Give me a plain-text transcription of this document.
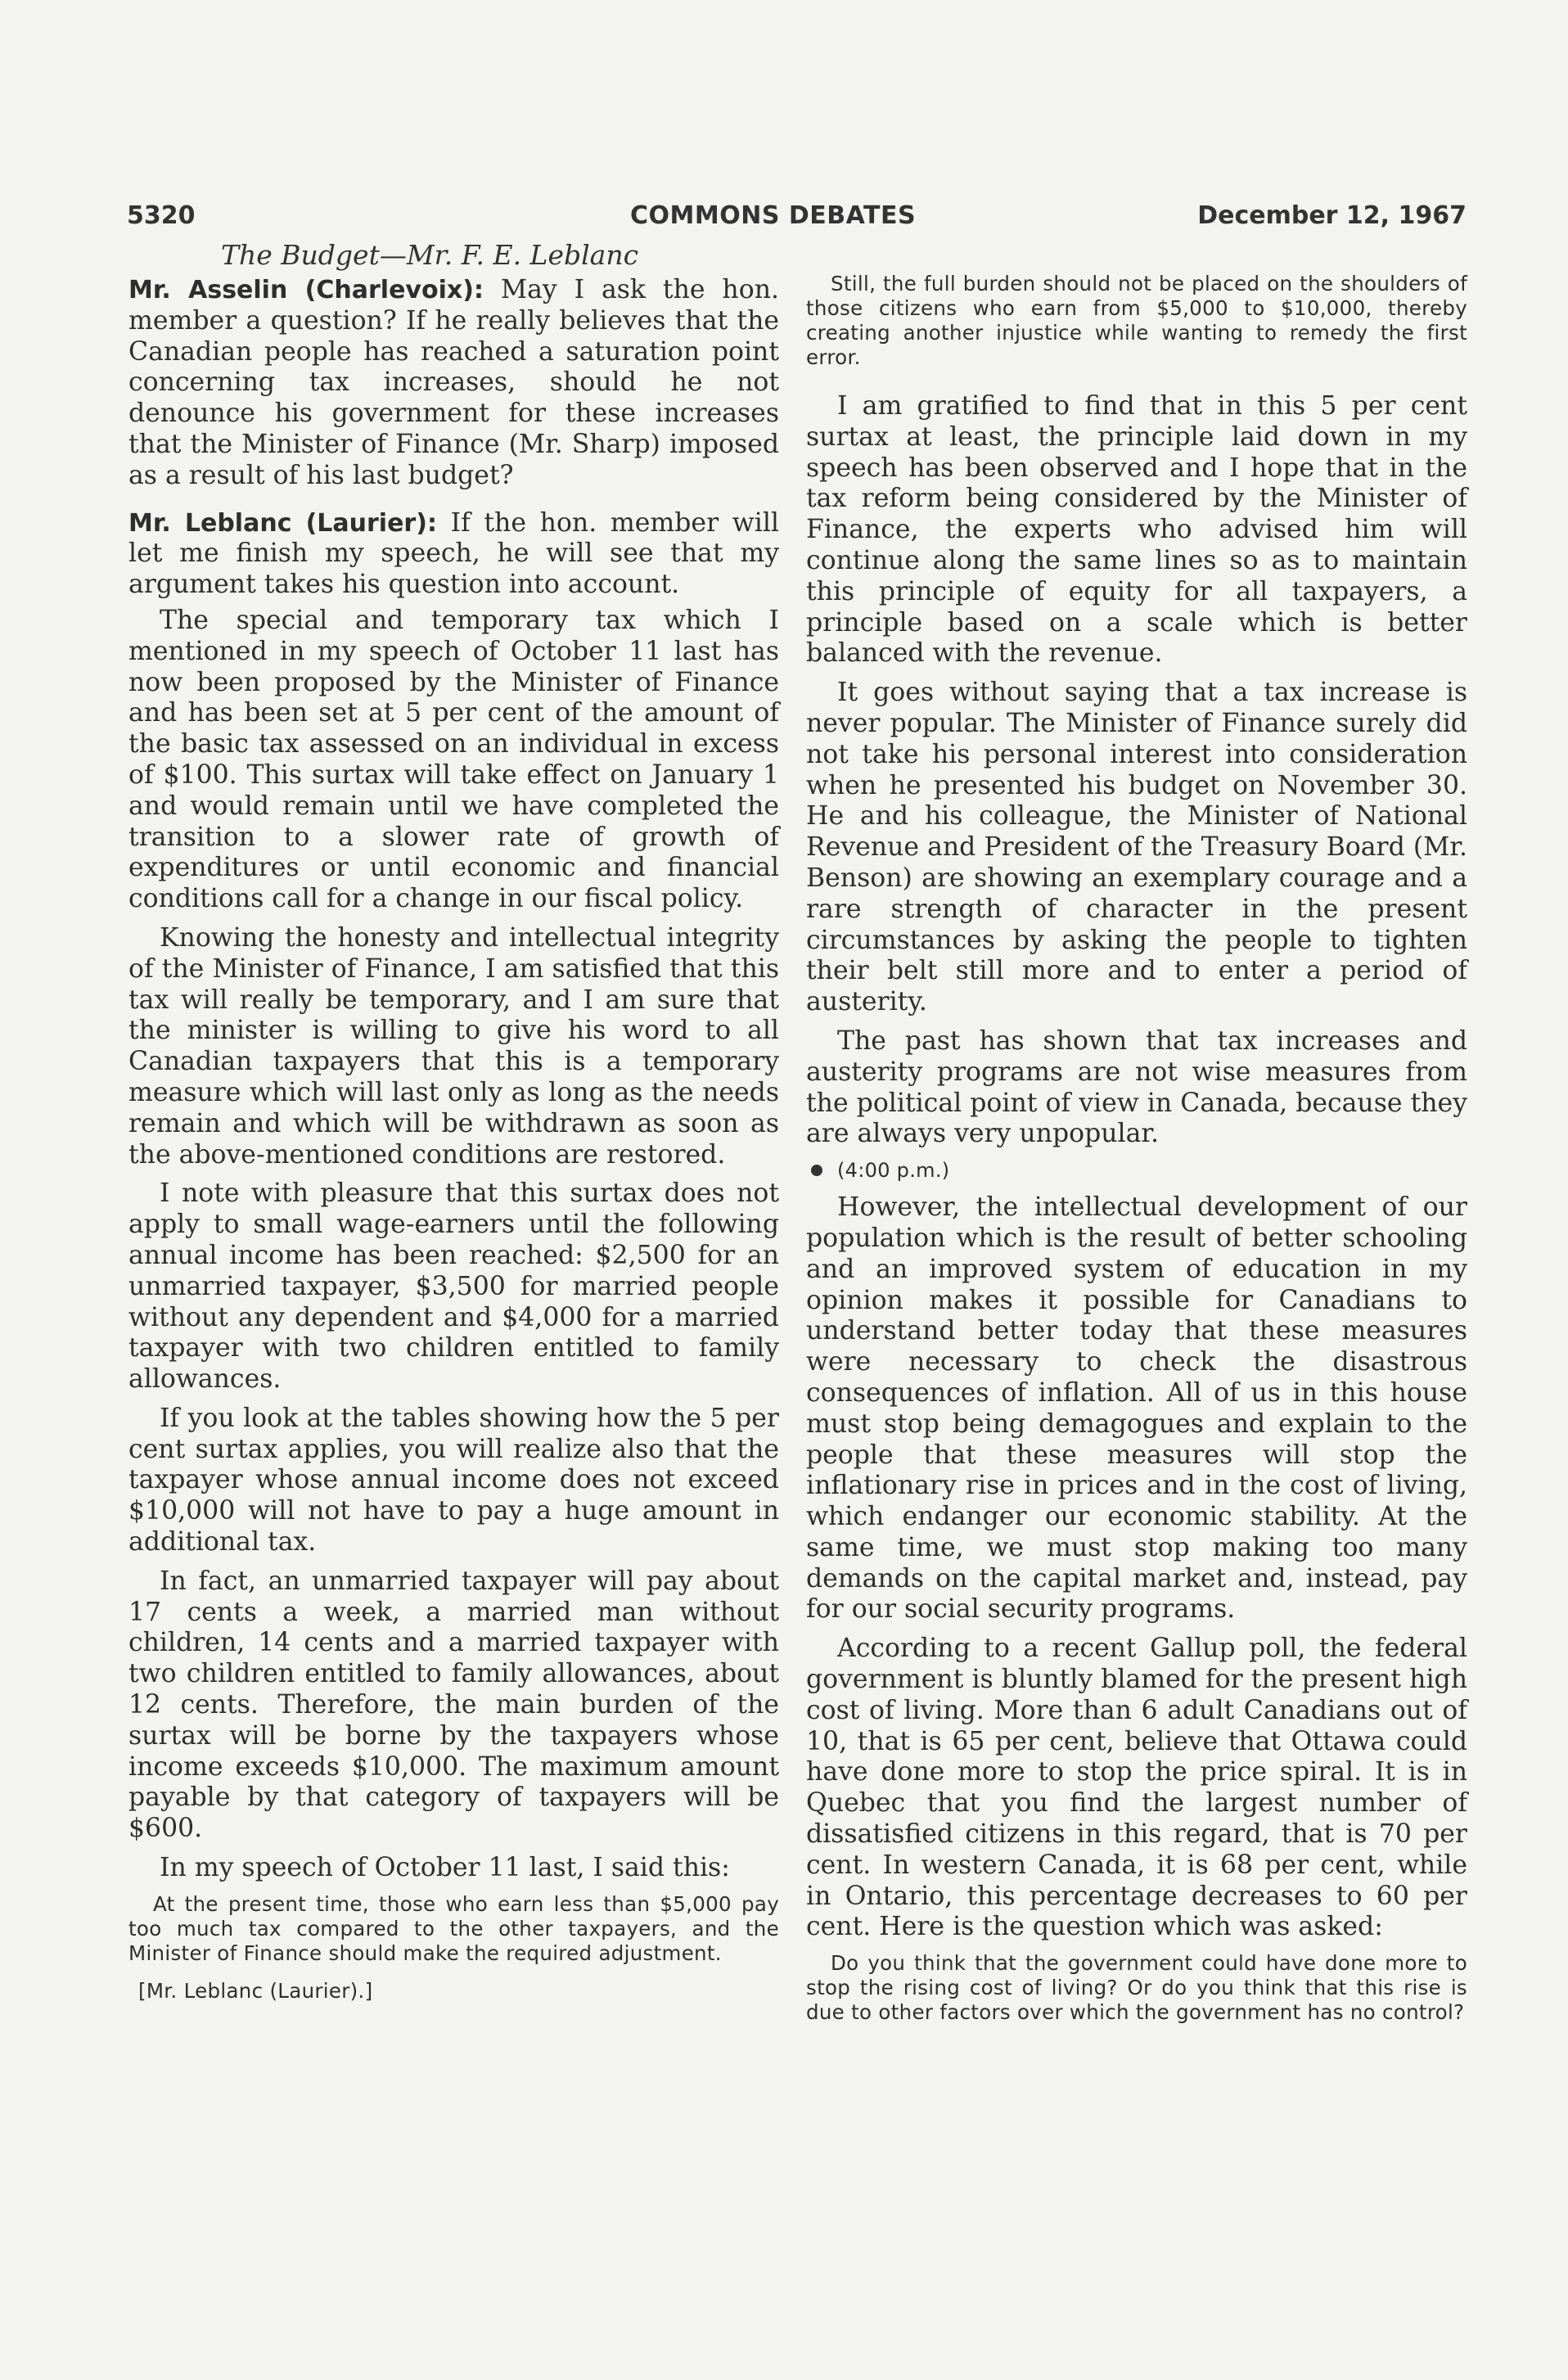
5320	COMMONS DEBATES	December 12, 1967
The Budget—Mr. F. E. Leblanc

Mr. Asselin (Charlevoix): May I ask the hon. member a question? If he really believes that the Canadian people has reached a saturation point concerning tax increases, should he not denounce his government for these increases that the Minister of Finance (Mr. Sharp) imposed as a result of his last budget?

Mr. Leblanc (Laurier): If the hon. member will let me finish my speech, he will see that my argument takes his question into account.

The special and temporary tax which I mentioned in my speech of October 11 last has now been proposed by the Minister of Finance and has been set at 5 per cent of the amount of the basic tax assessed on an individual in excess of $100. This surtax will take effect on January 1 and would remain until we have completed the transition to a slower rate of growth of expenditures or until economic and financial conditions call for a change in our fiscal policy.

Knowing the honesty and intellectual integrity of the Minister of Finance, I am satisfied that this tax will really be temporary, and I am sure that the minister is willing to give his word to all Canadian taxpayers that this is a temporary measure which will last only as long as the needs remain and which will be withdrawn as soon as the above-mentioned conditions are restored.

I note with pleasure that this surtax does not apply to small wage-earners until the following annual income has been reached: $2,500 for an unmarried taxpayer, $3,500 for married people without any dependent and $4,000 for a married taxpayer with two children entitled to family allowances.

If you look at the tables showing how the 5 per cent surtax applies, you will realize also that the taxpayer whose annual income does not exceed $10,000 will not have to pay a huge amount in additional tax.

In fact, an unmarried taxpayer will pay about 17 cents a week, a married man without children, 14 cents and a married taxpayer with two children entitled to family allowances, about 12 cents. Therefore, the main burden of the surtax will be borne by the taxpayers whose income exceeds $10,000. The maximum amount payable by that category of taxpayers will be $600.

In my speech of October 11 last, I said this:

At the present time, those who earn less than $5,000 pay too much tax compared to the other taxpayers, and the Minister of Finance should make the required adjustment.
[Mr. Leblanc (Laurier).]
Still, the full burden should not be placed on the shoulders of those citizens who earn from $5,000 to $10,000, thereby creating another injustice while wanting to remedy the first error.

I am gratified to find that in this 5 per cent surtax at least, the principle laid down in my speech has been observed and I hope that in the tax reform being considered by the Minister of Finance, the experts who advised him will continue along the same lines so as to maintain this principle of equity for all taxpayers, a principle based on a scale which is better balanced with the revenue.

It goes without saying that a tax increase is never popular. The Minister of Finance surely did not take his personal interest into consideration when he presented his budget on November 30. He and his colleague, the Minister of National Revenue and President of the Treasury Board (Mr. Benson) are showing an exemplary courage and a rare strength of character in the present circumstances by asking the people to tighten their belt still more and to enter a period of austerity.

The past has shown that tax increases and austerity programs are not wise measures from the political point of view in Canada, because they are always very unpopular.

(4:00 p.m.)

However, the intellectual development of our population which is the result of better schooling and an improved system of education in my opinion makes it possible for Canadians to understand better today that these measures were necessary to check the disastrous consequences of inflation. All of us in this house must stop being demagogues and explain to the people that these measures will stop the inflationary rise in prices and in the cost of living, which endanger our economic stability. At the same time, we must stop making too many demands on the capital market and, instead, pay for our social security programs.

According to a recent Gallup poll, the federal government is bluntly blamed for the present high cost of living. More than 6 adult Canadians out of 10, that is 65 per cent, believe that Ottawa could have done more to stop the price spiral. It is in Quebec that you find the largest number of dissatisfied citizens in this regard, that is 70 per cent. In western Canada, it is 68 per cent, while in Ontario, this percentage decreases to 60 per cent. Here is the question which was asked:

Do you think that the government could have done more to stop the rising cost of living? Or do you think that this rise is due to other factors over which the government has no control?
